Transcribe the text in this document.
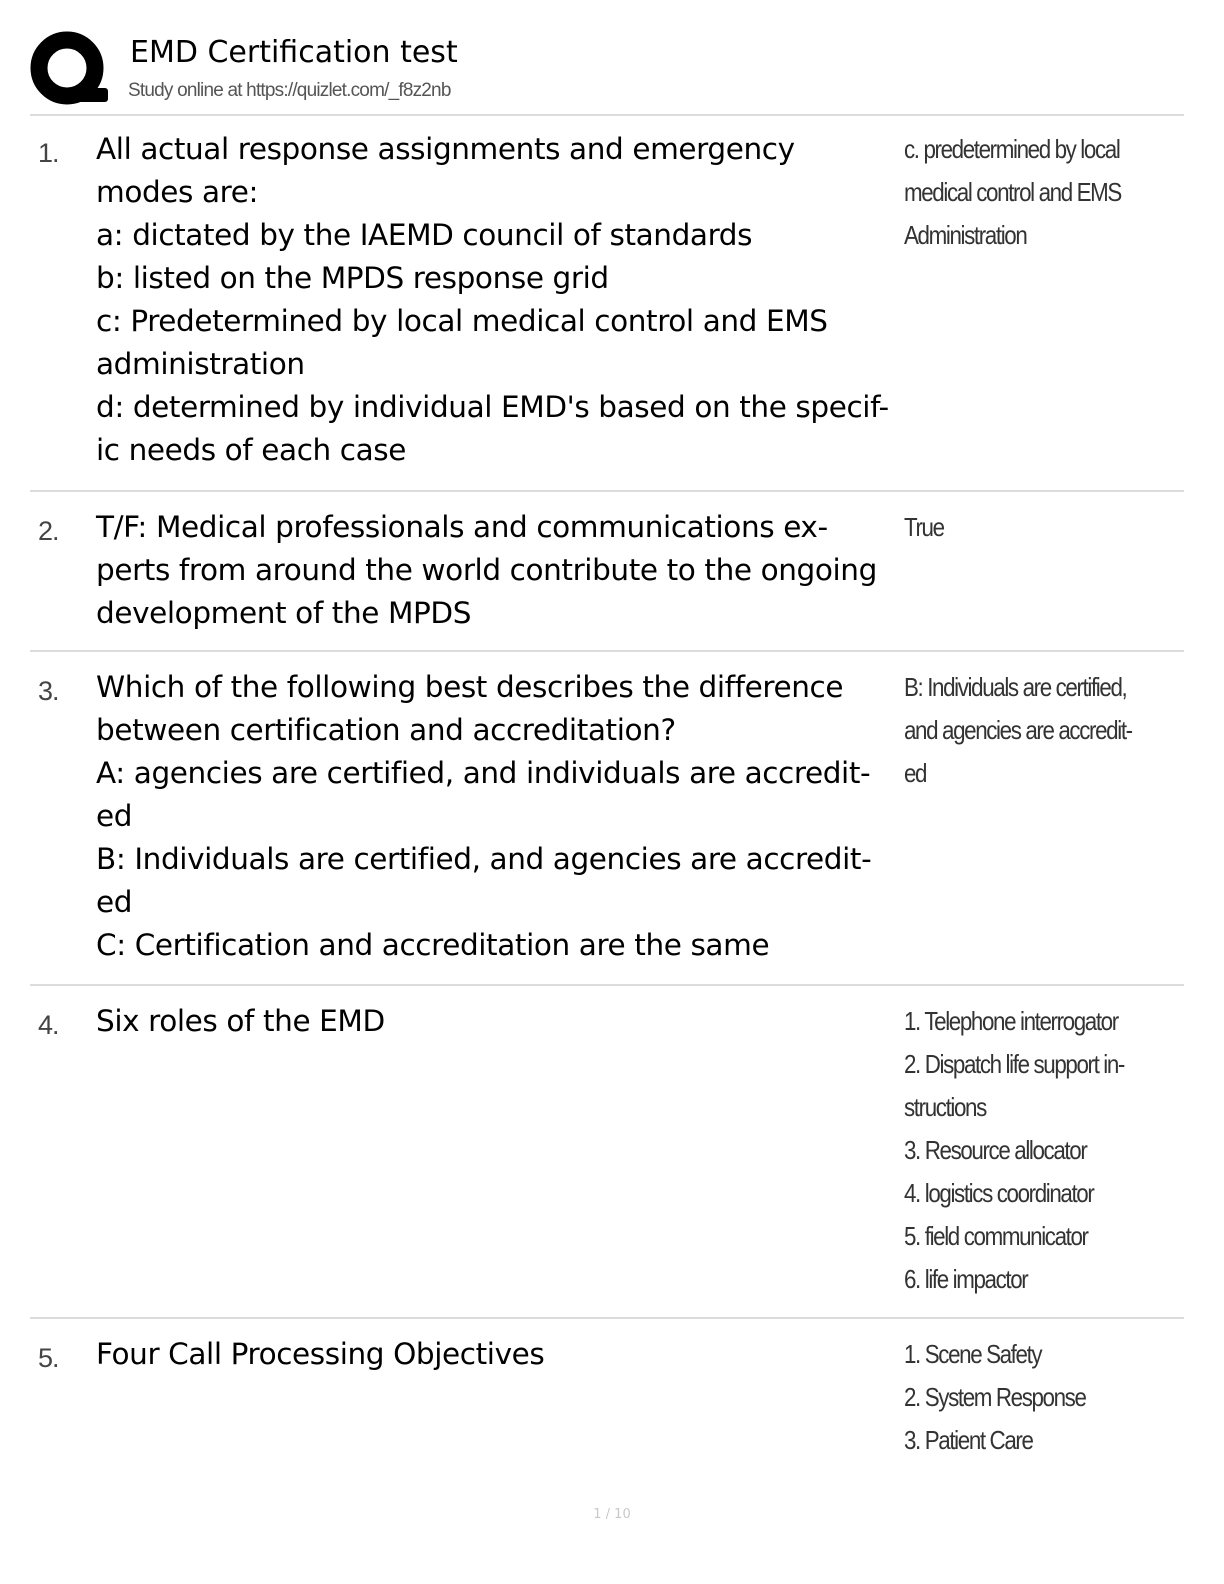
EMD Certification test
Study online at https://quizlet.com/_f8z2nb
1. All actual response assignments and emergency
modes are:
a: dictated by the IAEMD council of standards
b: listed on the MPDS response grid
c: Predetermined by local medical control and EMS
administration
d: determined by individual EMD's based on the specif-
ic needs of each case
c. predetermined by local
medical control and EMS
Administration
2. T/F: Medical professionals and communications ex-
perts from around the world contribute to the ongoing
development of the MPDS
True
3. Which of the following best describes the difference
between certification and accreditation?
A: agencies are certified, and individuals are accredit-
ed
B: Individuals are certified, and agencies are accredit-
ed
C: Certification and accreditation are the same
B: Individuals are certified,
and agencies are accredit-
ed
4. Six roles of the EMD	1. Telephone interrogator
2. Dispatch life support in-
structions
3. Resource allocator
4. logistics coordinator
5. field communicator
6. life impactor
5. Four Call Processing Objectives	1. Scene Safety
2. System Response
3. Patient Care
1 / 10
